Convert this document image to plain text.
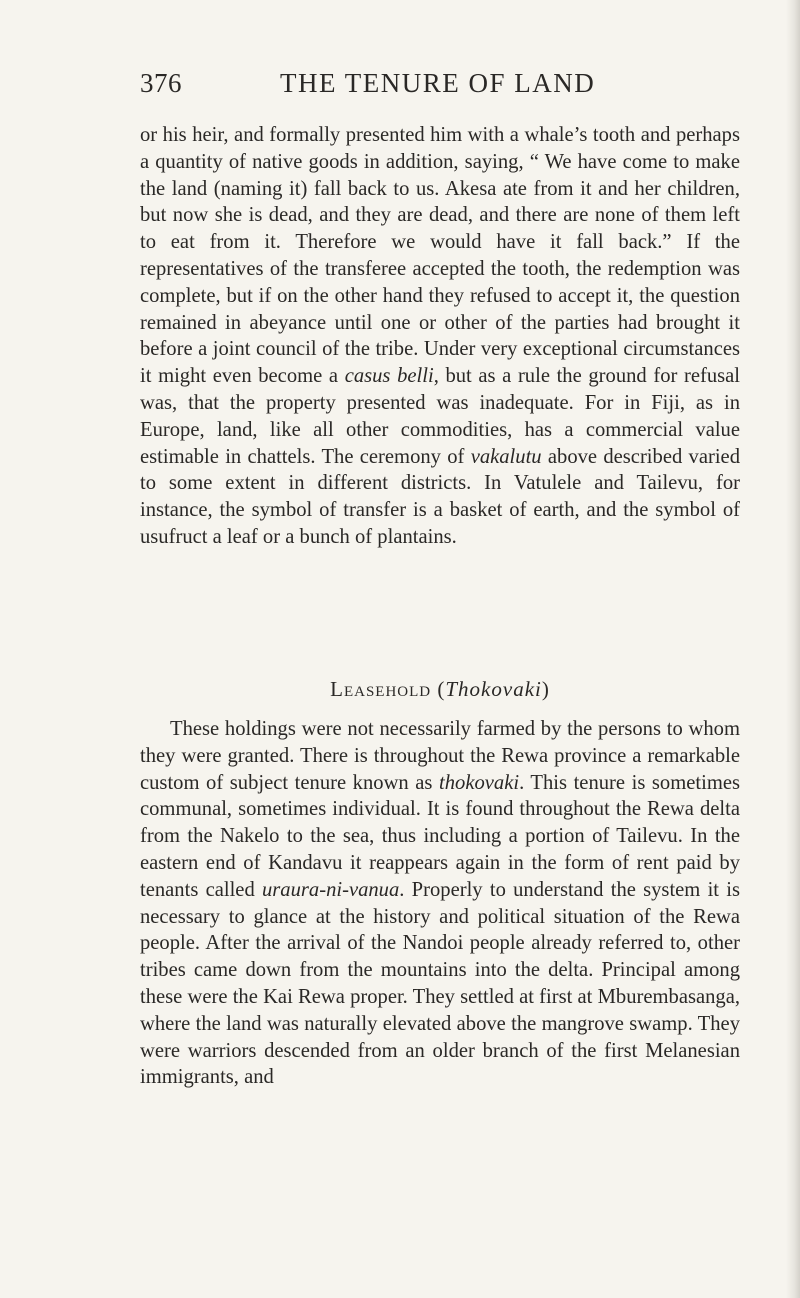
376	THE TENURE OF LAND

or his heir, and formally presented him with a whale’s tooth and perhaps a quantity of native goods in addition, saying, “ We have come to make the land (naming it) fall back to us. Akesa ate from it and her children, but now she is dead, and they are dead, and there are none of them left to eat from it. Therefore we would have it fall back.” If the representatives of the transferee accepted the tooth, the redemption was complete, but if on the other hand they refused to accept it, the question remained in abeyance until one or other of the parties had brought it before a joint council of the tribe. Under very exceptional circumstances it might even become a casus belli, but as a rule the ground for refusal was, that the property presented was inadequate. For in Fiji, as in Europe, land, like all other commodities, has a commercial value estimable in chattels. The ceremony of vakalutu above described varied to some extent in different districts. In Vatulele and Tailevu, for instance, the symbol of transfer is a basket of earth, and the symbol of usufruct a leaf or a bunch of plantains.

Leasehold (Thokovaki)

These holdings were not necessarily farmed by the persons to whom they were granted. There is throughout the Rewa province a remarkable custom of subject tenure known as thokovaki. This tenure is sometimes communal, sometimes individual. It is found throughout the Rewa delta from the Nakelo to the sea, thus including a portion of Tailevu. In the eastern end of Kandavu it reappears again in the form of rent paid by tenants called uraura-ni-vanua. Properly to understand the system it is necessary to glance at the history and political situation of the Rewa people. After the arrival of the Nandoi people already referred to, other tribes came down from the mountains into the delta. Principal among these were the Kai Rewa proper. They settled at first at Mburembasanga, where the land was naturally elevated above the mangrove swamp. They were warriors descended from an older branch of the first Melanesian immigrants, and
